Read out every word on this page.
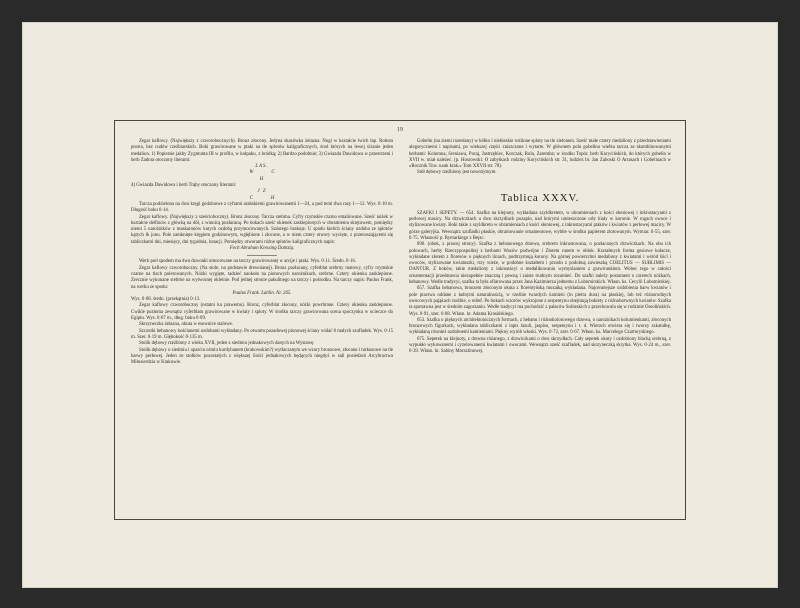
19

Zegar kaflowy. (Największy z czworobocznych). Bronz złocony. Jedyna skazówka żelazna. Nogi w kształcie lwich łap. Robota prosta, bez cudów rzeźbiarskich. Boki grawirowane w ptaki na tle splotów kaligraficznych, środ których na lewej ścianie jeden medalion. 1) Popiersie jakby Zygmunta III w profilu, w kołpaku, z bródką; 2) Bardzo podobnie; 3) Gwiazda Dawidowa w przestrzeni i herb Zadora otoczony literami:

LAS.

W	C

H

4) Gwiazda Dawidowa i herb Trąby otoczony literami:

J Z

C	H

Tarcza podzielona na dwa kręgi godzinowe z cyframi arabskiemi grawirowanemi 1—24, a pod temi dwa razy 1—12. Wys. 0·10 m. Długość boku 0·14.

Zegar kaflowy. (Największy z sześcioboczny). Bronz złocony. Tarcza srebrna. Cyfry rzymskie czarno emaliowane. Sześć nóżek w kształcie delfinów z główką na dół, z winnicą pozłacaną. Po bokach sześć okienek zasklepionych w obramieniu skrętowem, pomiędzy niemi 5 narożników z maskaronów kutych ozdobą przymocowanych. Szóstego brakuje. U spodu kielich ściany ozdoba ze splotów kątych & jonu. Pole zamknięte kręgiem godzinowym, wgłębione i złocone, a w niem cztery otwory wycięte, z przenoszającemi się tabliczkami dni, miesięcy, dni tygodnia, lunacji. Pomiędzy otworami różne splotów kaligraficznych napis:

Fecit Abraham Kressing Dantzig.

Werk pod spodem ma dwa dzwonki umocowane na tarczy grawirowanej w arcije i ptaki. Wys. 0·11. Średn. 0·16.

Zegar kaflowy czworoboczny. (Na stole, na podstawie drewnianej). Bronz pozłacany, cyferblat srebrny matowy, cyfry rzymskie czarne na tlach polerowanych. Nóżki wygięte, tadzieć naokoło na pionowych narożnikach, srebrne. Cztery okienka zasklepione. Zrecznie wykonane srebrne na wytwornej okleinie. Pod jednej stronie pakulinego na tarczy i pośrodku. Na tarczy napis: Paulus Frank, na werku ze spodu:

Paulus Frank. Lublin. Nr. 265.

Wys. 0·08. średn. (przekątnia) 0·13.

Zegar kaflowy czworoboczny (ostatni ku prawemu). Bronz, cyferblat złocony, nóżki powrbrane. Cztery okienka zasklepione. Cwikle pozłoma zewnątrz cyferblatu grawirowane w kwiaty i sploty. W środku tarczy grawirowana scena spoczynku w ucieczce do Egiptu. Wys. 0·07 m., dług. boku 0·09.

Skrzyneczka żelazna, okuta w esownice stalowe.

Szczotki bebanowy kośćianemi ozdobami wykładany. Po otwartu pozadowej pionowej ściany widać 8 małych szufladek. Wys. 0·15 m. Szer. 0·19 m. Głębokość 0·135 m.

Stolik dębowy rzeźbiony z wieku XVII, jeden z siedmiu jednakowych danych na Wystawę.

Stolik dębowy o siedmiu i oparciu ośmiu kurdybanem (krakowskim?) wytłaczanym we wzory bronzowe, złocone i turkusowe na tle barwy perłowej. Jeden ze stołków pozostałych z większej ilości jednakowych będących niegdyś w sali posiedzeń Arcybractwa Miłosierdzia w Krakowie.

Gobelin (na ziemi rozesłany) w kółko i niebieskie roślinne sploty na tle zielonem. Sześć małe cztery medaliony z przedstawieniami alegorycznemi i napisami, po wiekszej części zniszczone i wytarte. W głównem polu gobelinu wielka tarcza ze skombinowanymi herbami: Kolumna, Sreniawa, Poraj, Jastrzębiec, Korczak, Rola, Zaremba; w środku Topór, herb Korycińskich, do których gobelin w XVII w. miał należeć. (p. Hosrowski: O zabytkach rodziny Korycińskich str. 31, tudzież br. Jan Zaboski O Arrasach i Gobelinach w »Rocznik Tow. nauk krak.« Tom XXVII str. 78).

Stół dębowy rzeźbiony jest nowożytnym.

Tablica XXXV.

SZAFKI I SEPETY. — 654. Szafka na klejnoty, wykładana szyldkretem, w obramieniach z kości słoniowej i inkrustacyami z perłowej masicy. Na drzwiczkach u dwu skrzydłach pozaplo, nad którymi umieszczone orły biały w koronie. W rogach owoce i stylizowane kwiaty. Boki takie z szyldkretu w obramieniach z kości słoniowej, z inkrustacyami ptaków i kwiatów z perłowej macicy. W górze galeryjka. Wewnątrz szufladki płaskie, obramowanie ornamentowe, wybite w środku papierem zlotowanym. Wymiar. 0·55, szer. 0·75. Własność p. Rymarkiego z Bejsc.

890. (obok, z prawej strony). Szafka z hebanowego drzewa, srebrem inkrustowana, o pozłacanych drzwiczkach. Na obu ich połowach, herby Rzeczypospolitej z herbami Wazów podwójne i Złotem runem w obłok. Kształtnych forma gesiowe kołacze, wykładane złotem z floresów o pięknych liniach, podtrzymują korony. Na górnej powierzchni medaliony z kwiatami i wśród liści i owoców, stylizowane kwiatuszki, trzy wieże, w podobne kształtem i przodu z podobną zawieszką COELITUS — SUBLIMIS — DANTUR. Z boków, takie medaliony z inkrustacyi o medalikowaniu wymyslaniem z grawirunkiem. Wobec tego w całości ornamentacji przedstawia niezupełnie znaczną i pewną i zaiste trudnym rozumieć. Do szafki należy postument o czterech nóżkach, hebanowy. Wedle tradycyi, szafka ta była ofiarowana przez Jana Kazimierza jednemu z Lubomirskich. Własn. ks. Cecylii Lubomirskiej.

657. Szafka hebanowa, bronzem złoconym okuta z florentyńską mozaiką wykładana. Najcenniejsze ozdobienia barw kwiatów i pole ptactwa oddane z ładnymi naturalnością, w rzeźbie twardych kamieni (in pietra dura) na płaskiej, lub też różnorodnych owocowych pająkach rzeźbie, o relief. Po bokach wzorów wykrojone z serpentynu obejmują bukiety z różnobarwnych kwiatów. Szafka ta spotrawna jest w średnim zagorzaniu. Wedle tradycyi ma pochodzić z pałaców Sobieskich z przechowala się w rodzinie Ossolińskich. Wys. 0·91, szer. 0·88. Własn. hr. Adama Krasińskiego.

653. Szafka o pięknych architektonicznych formach, z hebanu i różnokolorowego drzewa, o narożnikach kolumienkami, złoconych bronzowych figurkach, wykładana tabliczkami z lapis lazuli, jaspisu, serpentynu i t. d. Wierzch otwiera się i tworzy szkatułkę, wykładaną również ozdobnemi kamieniami. Piękny wyrób włoski. Wys. 0·72, szer. 0·67. Własn. ks. Marcelego Czartoryskiego.

675. Sepetek na klejnoty, z drewna różanego, z drzwiczkami o dwu skrzydłach. Cały sepetek okuty i ozdobiony blachą srebrną, z wypukło wykuwanemi i cyzelowanemi kwiatami i owocami. Wewnątrz sześć szufladek, nad skrzyneczką skrytka. Wys. 0·24 m., szer. 0·39. Własn. hr. Sabiny Morsztinowej.
